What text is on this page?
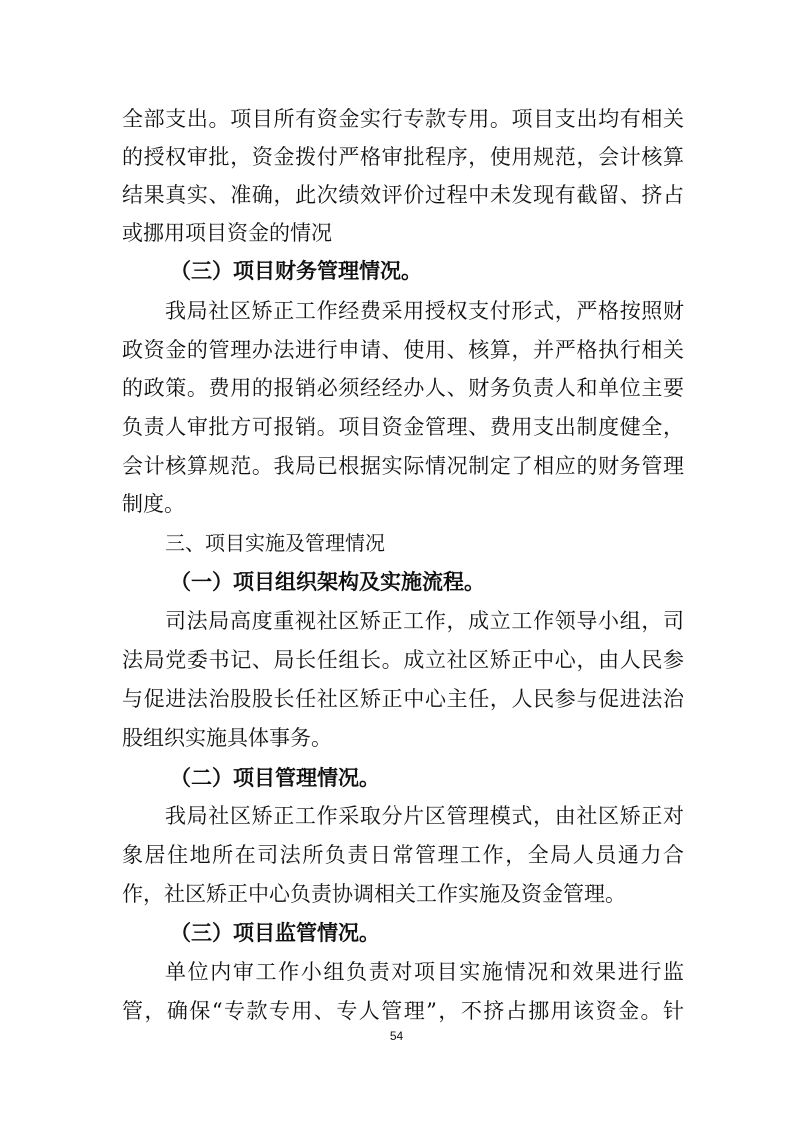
全部支出。项目所有资金实行专款专用。项目支出均有相关
的授权审批，资金拨付严格审批程序，使用规范，会计核算
结果真实、准确，此次绩效评价过程中未发现有截留、挤占
或挪用项目资金的情况
（三）项目财务管理情况。
我局社区矫正工作经费采用授权支付形式，严格按照财
政资金的管理办法进行申请、使用、核算，并严格执行相关
的政策。费用的报销必须经经办人、财务负责人和单位主要
负责人审批方可报销。项目资金管理、费用支出制度健全，
会计核算规范。我局已根据实际情况制定了相应的财务管理
制度。
三、项目实施及管理情况
（一）项目组织架构及实施流程。
司法局高度重视社区矫正工作，成立工作领导小组，司
法局党委书记、局长任组长。成立社区矫正中心，由人民参
与促进法治股股长任社区矫正中心主任，人民参与促进法治
股组织实施具体事务。
（二）项目管理情况。
我局社区矫正工作采取分片区管理模式，由社区矫正对
象居住地所在司法所负责日常管理工作，全局人员通力合
作，社区矫正中心负责协调相关工作实施及资金管理。
（三）项目监管情况。
单位内审工作小组负责对项目实施情况和效果进行监
管，确保“专款专用、专人管理”，不挤占挪用该资金。针
54
